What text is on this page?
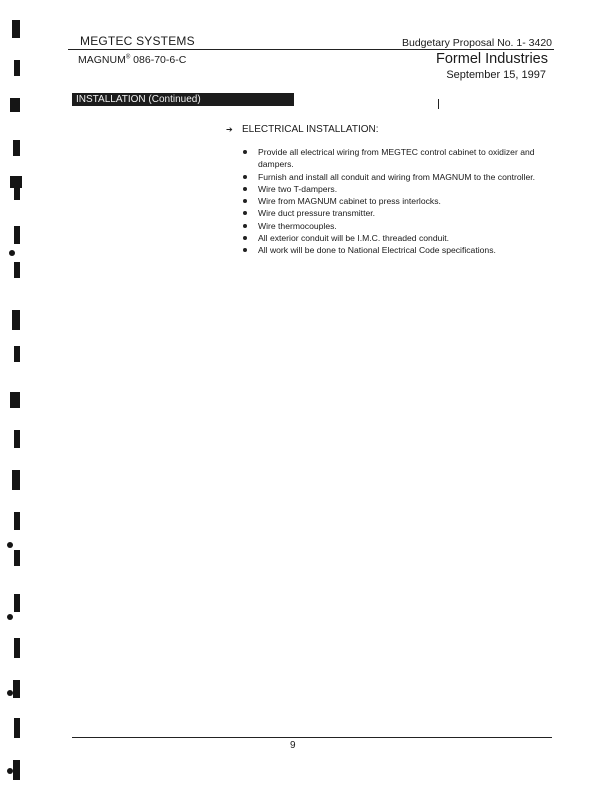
MEGTEC SYSTEMS	Budgetary Proposal No. 1- 3420
MAGNUM® 086-70-6-C	Formel Industries
September 15, 1997
INSTALLATION (Continued)
➔ ELECTRICAL INSTALLATION:
Provide all electrical wiring from MEGTEC control cabinet to oxidizer and dampers.
Furnish and install all conduit and wiring from MAGNUM to the controller.
Wire two T-dampers.
Wire from MAGNUM cabinet to press interlocks.
Wire duct pressure transmitter.
Wire thermocouples.
All exterior conduit will be I.M.C. threaded conduit.
All work will be done to National Electrical Code specifications.
9
